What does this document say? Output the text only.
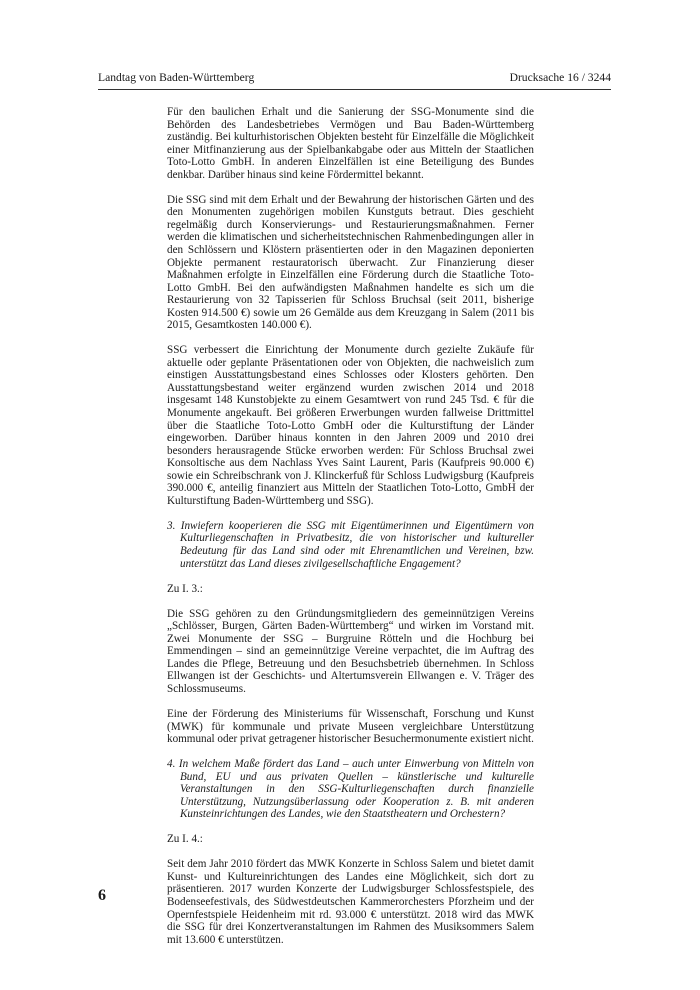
Landtag von Baden-Württemberg	Drucksache 16 / 3244

Für den baulichen Erhalt und die Sanierung der SSG-Monumente sind die Behörden des Landesbetriebes Vermögen und Bau Baden-Württemberg zuständig. Bei kulturhistorischen Objekten besteht für Einzelfälle die Möglichkeit einer Mitfinanzierung aus der Spielbankabgabe oder aus Mitteln der Staatlichen Toto-Lotto GmbH. In anderen Einzelfällen ist eine Beteiligung des Bundes denkbar. Darüber hinaus sind keine Fördermittel bekannt.

Die SSG sind mit dem Erhalt und der Bewahrung der historischen Gärten und des den Monumenten zugehörigen mobilen Kunstguts betraut. Dies geschieht regelmäßig durch Konservierungs- und Restaurierungsmaßnahmen. Ferner werden die klimatischen und sicherheitstechnischen Rahmenbedingungen aller in den Schlössern und Klöstern präsentierten oder in den Magazinen deponierten Objekte permanent restauratorisch überwacht. Zur Finanzierung dieser Maßnahmen erfolgte in Einzelfällen eine Förderung durch die Staatliche Toto-Lotto GmbH. Bei den aufwändigsten Maßnahmen handelte es sich um die Restaurierung von 32 Tapisserien für Schloss Bruchsal (seit 2011, bisherige Kosten 914.500 €) sowie um 26 Gemälde aus dem Kreuzgang in Salem (2011 bis 2015, Gesamtkosten 140.000 €).

SSG verbessert die Einrichtung der Monumente durch gezielte Zukäufe für aktuelle oder geplante Präsentationen oder von Objekten, die nachweislich zum einstigen Ausstattungsbestand eines Schlosses oder Klosters gehörten. Den Ausstattungsbestand weiter ergänzend wurden zwischen 2014 und 2018 insgesamt 148 Kunstobjekte zu einem Gesamtwert von rund 245 Tsd. € für die Monumente angekauft. Bei größeren Erwerbungen wurden fallweise Drittmittel über die Staatliche Toto-Lotto GmbH oder die Kulturstiftung der Länder eingeworben. Darüber hinaus konnten in den Jahren 2009 und 2010 drei besonders herausragende Stücke erworben werden: Für Schloss Bruchsal zwei Konsoltische aus dem Nachlass Yves Saint Laurent, Paris (Kaufpreis 90.000 €) sowie ein Schreibschrank von J. Klinckerfuß für Schloss Ludwigsburg (Kaufpreis 390.000 €, anteilig finanziert aus Mitteln der Staatlichen Toto-Lotto, GmbH der Kulturstiftung Baden-Württemberg und SSG).

3. Inwiefern kooperieren die SSG mit Eigentümerinnen und Eigentümern von Kulturliegenschaften in Privatbesitz, die von historischer und kultureller Bedeutung für das Land sind oder mit Ehrenamtlichen und Vereinen, bzw. unterstützt das Land dieses zivilgesellschaftliche Engagement?

Zu I. 3.:

Die SSG gehören zu den Gründungsmitgliedern des gemeinnützigen Vereins „Schlösser, Burgen, Gärten Baden-Württemberg“ und wirken im Vorstand mit. Zwei Monumente der SSG – Burgruine Rötteln und die Hochburg bei Emmendingen – sind an gemeinnützige Vereine verpachtet, die im Auftrag des Landes die Pflege, Betreuung und den Besuchsbetrieb übernehmen. In Schloss Ellwangen ist der Geschichts- und Altertumsverein Ellwangen e. V. Träger des Schlossmuseums.

Eine der Förderung des Ministeriums für Wissenschaft, Forschung und Kunst (MWK) für kommunale und private Museen vergleichbare Unterstützung kommunal oder privat getragener historischer Besuchermonumente existiert nicht.

4. In welchem Maße fördert das Land – auch unter Einwerbung von Mitteln von Bund, EU und aus privaten Quellen – künstlerische und kulturelle Veranstaltungen in den SSG-Kulturliegenschaften durch finanzielle Unterstützung, Nutzungsüberlassung oder Kooperation z. B. mit anderen Kunsteinrichtungen des Landes, wie den Staatstheatern und Orchestern?

Zu I. 4.:

Seit dem Jahr 2010 fördert das MWK Konzerte in Schloss Salem und bietet damit Kunst- und Kultureinrichtungen des Landes eine Möglichkeit, sich dort zu präsentieren. 2017 wurden Konzerte der Ludwigsburger Schlossfestspiele, des Bodenseefestivals, des Südwestdeutschen Kammerorchesters Pforzheim und der Opernfestspiele Heidenheim mit rd. 93.000 € unterstützt. 2018 wird das MWK die SSG für drei Konzertveranstaltungen im Rahmen des Musiksommers Salem mit 13.600 € unterstützen.

6
